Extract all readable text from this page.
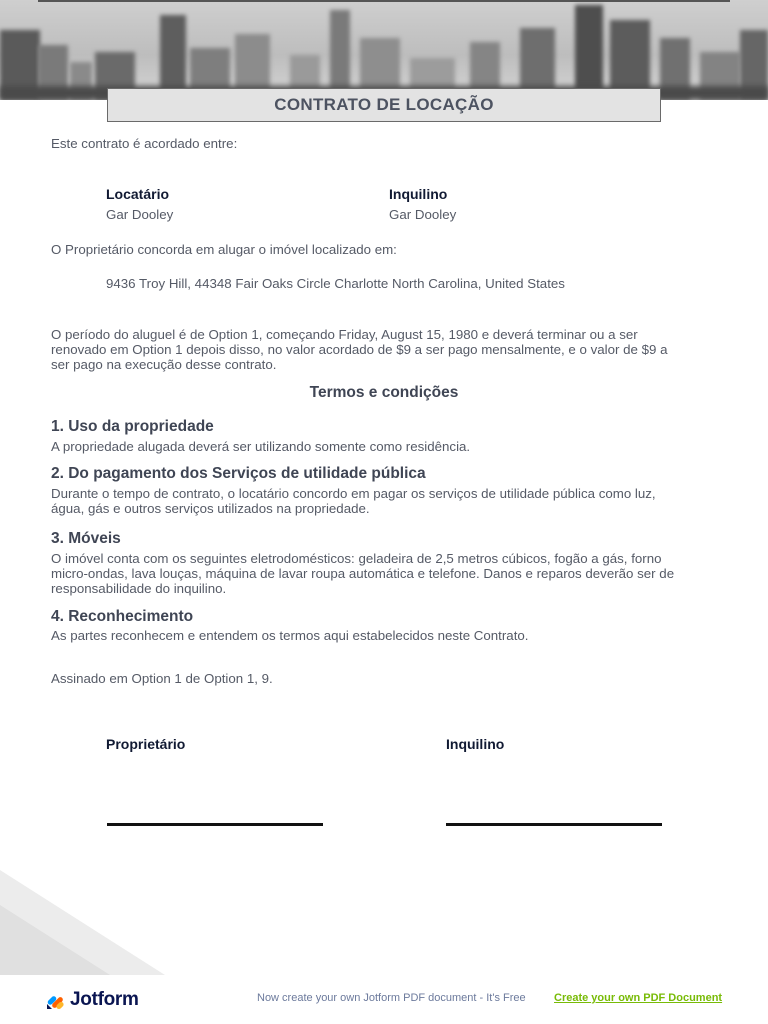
CONTRATO DE LOCAÇÃO
Este contrato é acordado entre:
Locatário
Gar Dooley
Inquilino
Gar Dooley
O Proprietário concorda em alugar o imóvel localizado em:
9436 Troy Hill, 44348 Fair Oaks Circle Charlotte North Carolina, United States
O período do aluguel é de Option 1, começando Friday, August 15, 1980 e deverá terminar ou a ser
renovado em Option 1 depois disso, no valor acordado de $9 a ser pago mensalmente, e o valor de $9 a
ser pago na execução desse contrato.
Termos e condições
1. Uso da propriedade
A propriedade alugada deverá ser utilizando somente como residência.
2. Do pagamento dos Serviços de utilidade pública
Durante o tempo de contrato, o locatário concordo em pagar os serviços de utilidade pública como luz,
água, gás e outros serviços utilizados na propriedade.
3. Móveis
O imóvel conta com os seguintes eletrodomésticos: geladeira de 2,5 metros cúbicos, fogão a gás, forno
micro-ondas, lava louças, máquina de lavar roupa automática e telefone. Danos e reparos deverão ser de
responsabilidade do inquilino.
4. Reconhecimento
As partes reconhecem e entendem os termos aqui estabelecidos neste Contrato.
Assinado em Option 1 de Option 1, 9.
Proprietário	Inquilino
Jotform	Now create your own Jotform PDF document - It's Free	Create your own PDF Document
